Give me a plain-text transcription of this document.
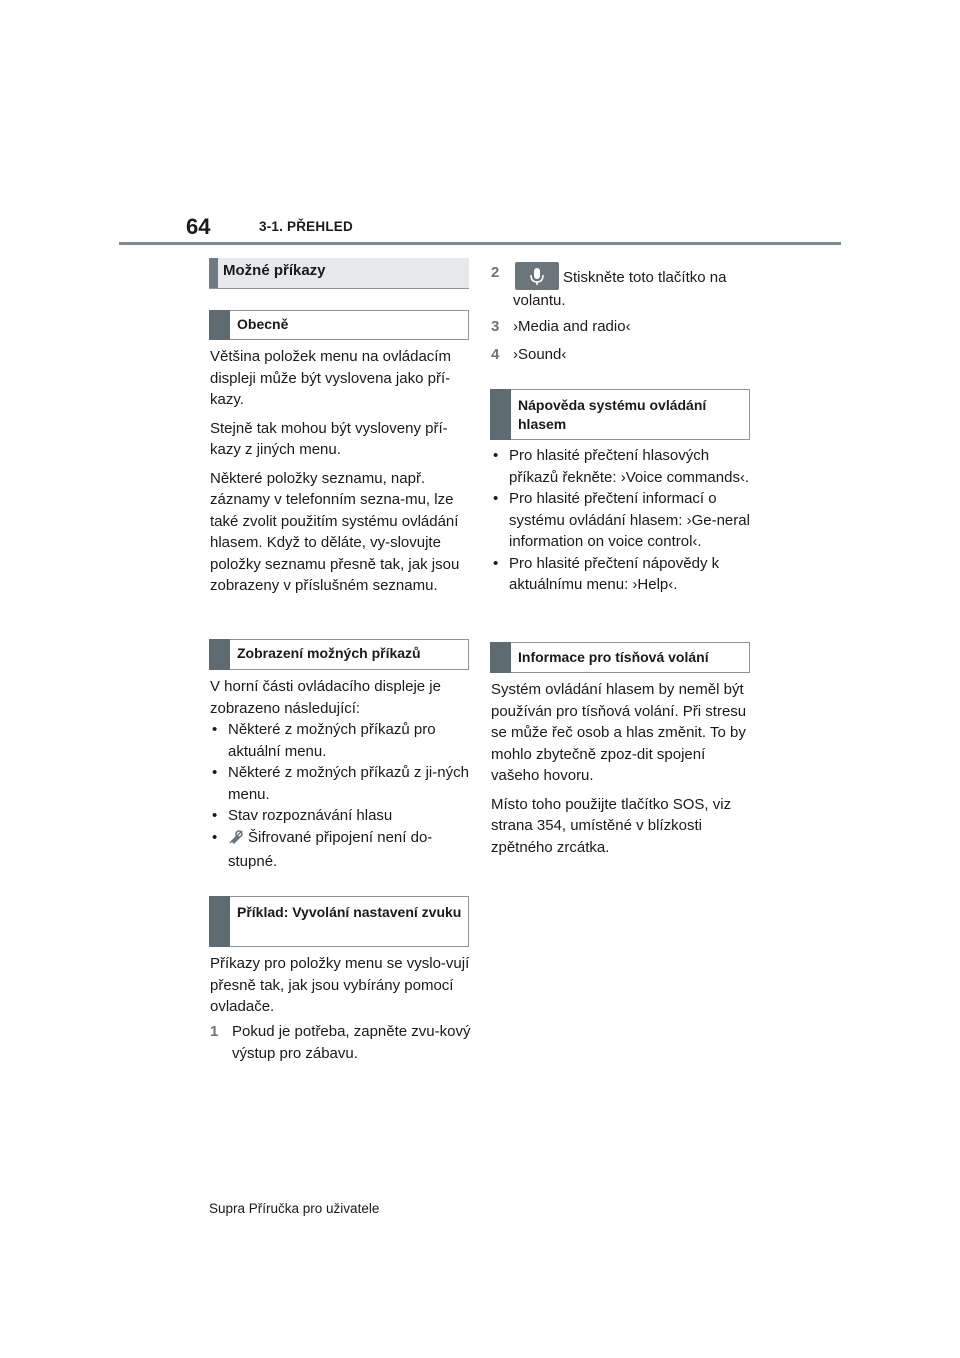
64	3-1. PŘEHLED
Možné příkazy
Obecně

Většina položek menu na ovládacím displeji může být vyslovena jako pří-kazy.

Stejně tak mohou být vysloveny pří-kazy z jiných menu.

Některé položky seznamu, např. záznamy v telefonním sezna-mu, lze také zvolit použitím systému ovládání hlasem. Když to děláte, vy-slovujte položky seznamu přesně tak, jak jsou zobrazeny v příslušném seznamu.

Zobrazení možných příkazů
V horní části ovládacího displeje je zobrazeno následující:
• Některé z možných příkazů pro aktuální menu.
• Některé z možných příkazů z ji-ných menu.
• Stav rozpoznávání hlasu
• Šifrované připojení není do-stupné.
Příklad: Vyvolání nastavení zvuku
Příkazy pro položky menu se vyslo-vují přesně tak, jak jsou vybírány pomocí ovladače.
1 Pokud je potřeba, zapněte zvu-kový výstup pro zábavu.
2	Stiskněte toto tlačítko na volantu.
3 ›Media and radio‹
4 ›Sound‹
Nápověda systému ovládání hlasem
• Pro hlasité přečtení hlasových příkazů řekněte: ›Voice commands‹.
• Pro hlasité přečtení informací o systému ovládání hlasem: ›Ge-neral information on voice control‹.
• Pro hlasité přečtení nápovědy k aktuálnímu menu: ›Help‹.
Informace pro tísňová volání

Systém ovládání hlasem by neměl být používán pro tísňová volání. Při stresu se může řeč osob a hlas změnit. To by mohlo zbytečně zpoz-dit spojení vašeho hovoru.

Místo toho použijte tlačítko SOS, viz strana 354, umístěné v blízkosti zpětného zrcátka.

Supra Příručka pro uživatele
